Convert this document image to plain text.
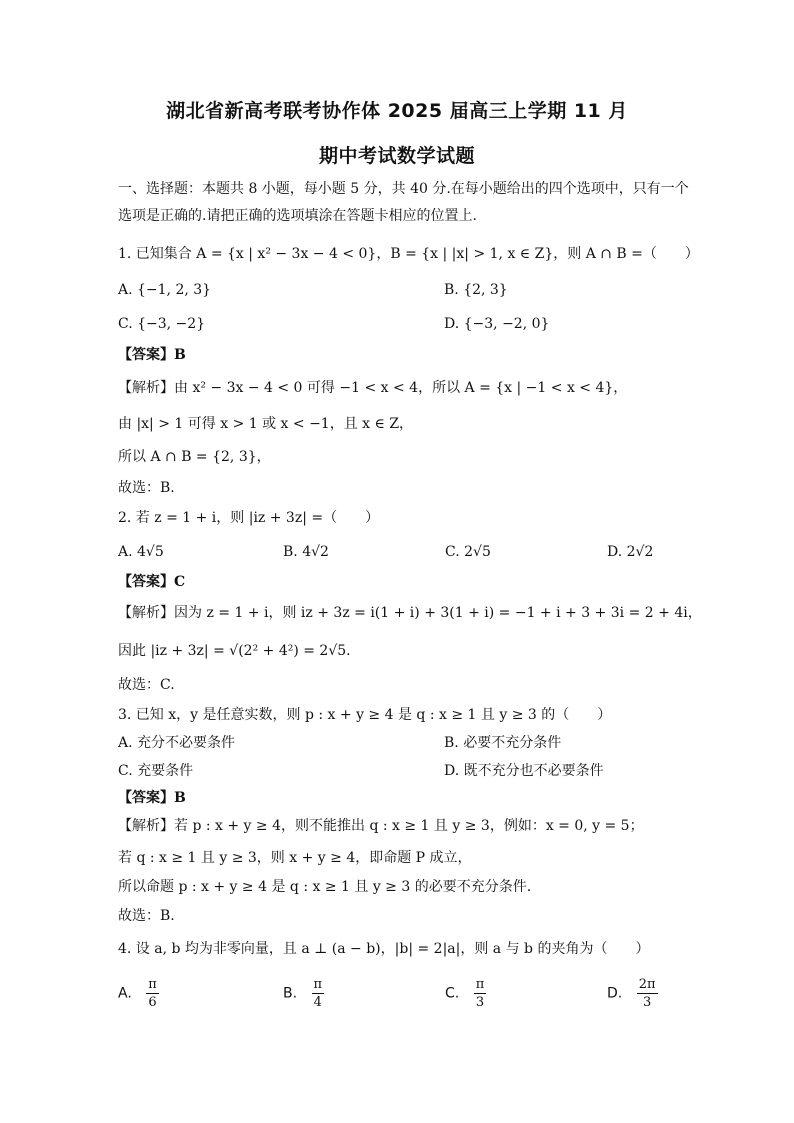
湖北省新高考联考协作体 2025 届高三上学期 11 月
期中考试数学试题
一、选择题：本题共 8 小题，每小题 5 分，共 40 分.在每小题给出的四个选项中，只有一个
选项是正确的.请把正确的选项填涂在答题卡相应的位置上.
1. 已知集合 A = {x | x² − 3x − 4 < 0}，B = {x | |x| > 1, x ∈ Z}，则 A ∩ B =（　　）
A. {−1, 2, 3}	B. {2, 3}
C. {−3, −2}	D. {−3, −2, 0}
【答案】B
【解析】由 x² − 3x − 4 < 0 可得 −1 < x < 4，所以 A = {x | −1 < x < 4}，
由 |x| > 1 可得 x > 1 或 x < −1，且 x ∈ Z，
所以 A ∩ B = {2, 3}，
故选：B.
2. 若 z = 1 + i，则 |iz + 3z| =（　　）
A. 4√5	B. 4√2	C. 2√5	D. 2√2
【答案】C
【解析】因为 z = 1 + i，则 iz + 3z = i(1 + i) + 3(1 + i) = −1 + i + 3 + 3i = 2 + 4i，
因此 |iz + 3z| = √(2² + 4²) = 2√5.
故选：C.
3. 已知 x，y 是任意实数，则 p : x + y ≥ 4 是 q : x ≥ 1 且 y ≥ 3 的（　　）
A. 充分不必要条件	B. 必要不充分条件
C. 充要条件	D. 既不充分也不必要条件
【答案】B
【解析】若 p : x + y ≥ 4，则不能推出 q : x ≥ 1 且 y ≥ 3，例如：x = 0, y = 5；
若 q : x ≥ 1 且 y ≥ 3，则 x + y ≥ 4，即命题 P 成立，
所以命题 p : x + y ≥ 4 是 q : x ≥ 1 且 y ≥ 3 的必要不充分条件.
故选：B.
4. 设 a, b 均为非零向量，且 a ⊥ (a − b)，|b| = 2|a|，则 a 与 b 的夹角为（　　）
A. $\frac{\pi}{6}$	B. $\frac{\pi}{4}$	C. $\frac{\pi}{3}$	D. $\frac{2\pi}{3}$
